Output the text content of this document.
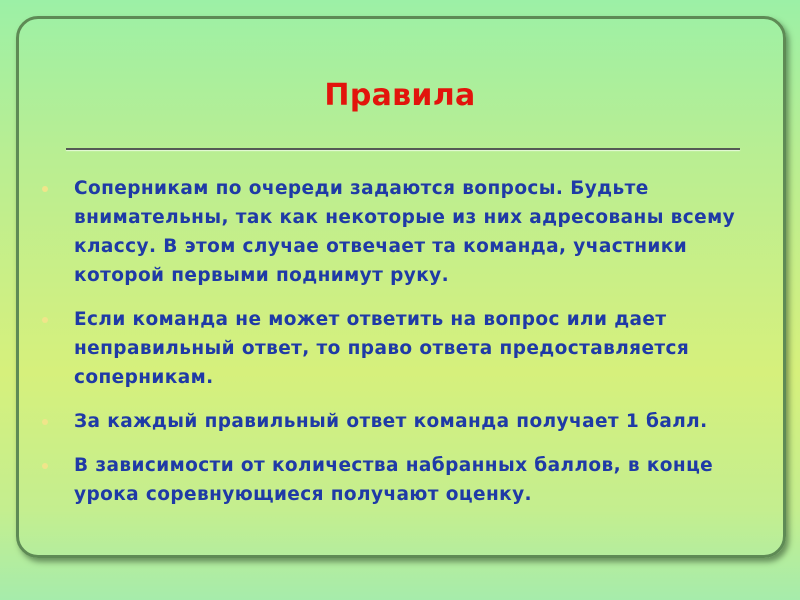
Правила
Соперникам по очереди задаются вопросы. Будьте внимательны, так как некоторые из них адресованы всему классу. В этом случае отвечает та команда, участники которой первыми поднимут руку.
Если команда не может ответить на вопрос или дает неправильный ответ, то право ответа предоставляется соперникам.
За каждый правильный ответ команда получает 1 балл.
В зависимости от количества набранных баллов, в конце урока соревнующиеся получают оценку.
